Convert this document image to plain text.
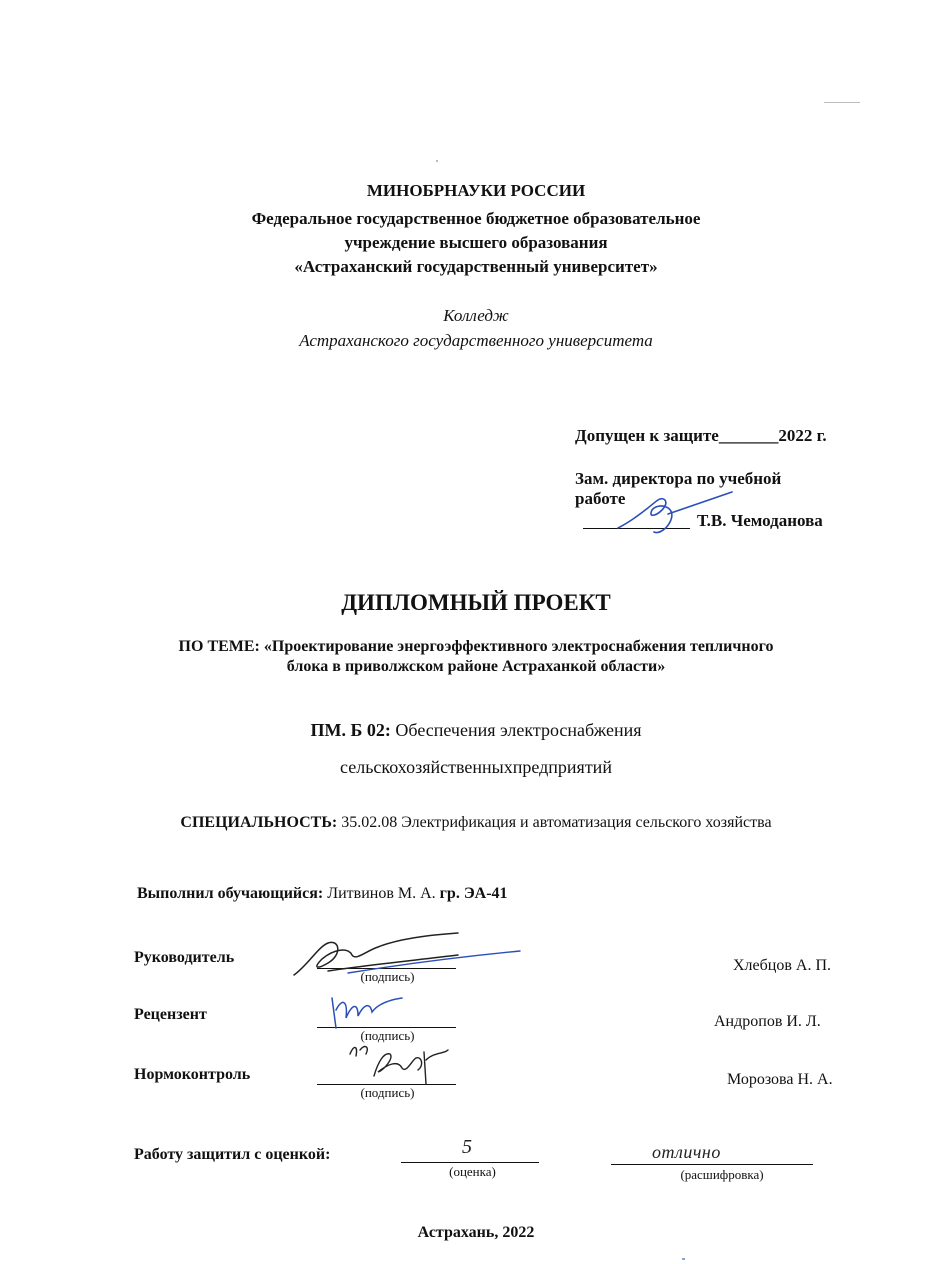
МИНОБРНАУКИ РОССИИ
Федеральное государственное бюджетное образовательное
учреждение высшего образования
«Астраханский государственный университет»
Колледж
Астраханского государственного университета
Допущен к защите_______2022 г.
Зам. директора по учебной
работе
Т.В. Чемоданова
ДИПЛОМНЫЙ ПРОЕКТ
ПО ТЕМЕ: «Проектирование энергоэффективного электроснабжения тепличного
блока в приволжском районе Астраханкой области»
ПМ. Б 02: Обеспечения электроснабжения
сельскохозяйственныхпредприятий
СПЕЦИАЛЬНОСТЬ: 35.02.08 Электрификация и автоматизация сельского хозяйства
Выполнил обучающийся: Литвинов М. А. гр. ЭА-41
Руководитель
(подпись)
Хлебцов А. П.
Рецензент
(подпись)
Андропов И. Л.
Нормоконтроль
(подпись)
Морозова Н. А.
Работу защитил с оценкой:	5
(оценка)
отлично
(расшифровка)
Астрахань, 2022
